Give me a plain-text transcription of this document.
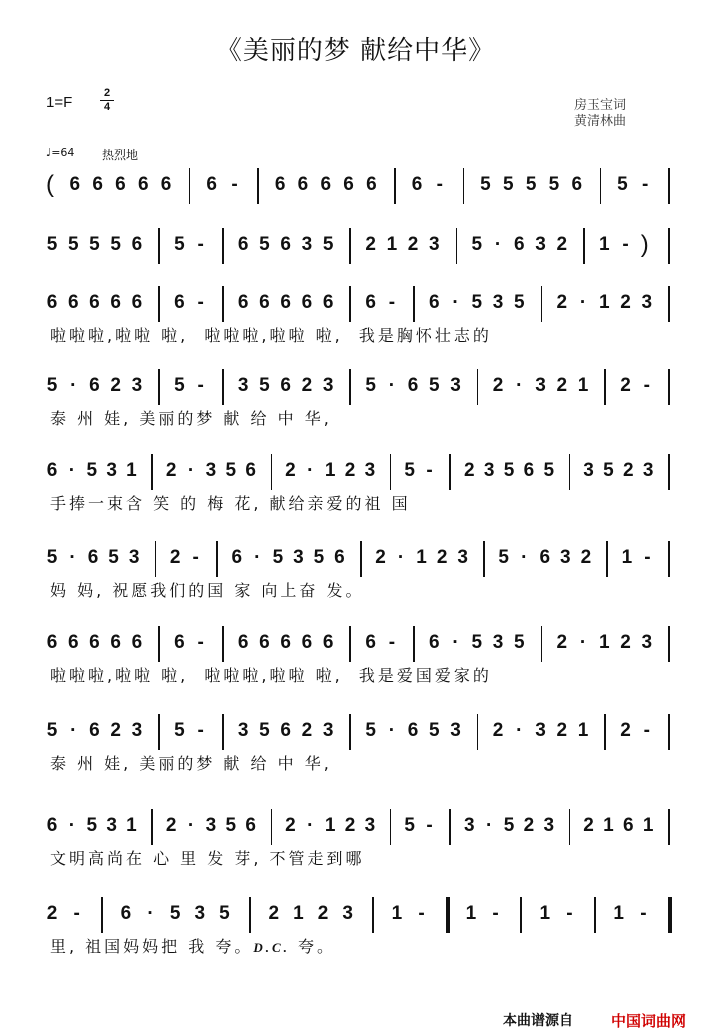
《美丽的梦 献给中华》
1=F
2
4	房玉宝词
黄清林曲
♩=64 热烈地
( 6 6 6 6 6 6 - 6 6 6 6 6 6 - 5 5 5 5 6 5 -
5 5 5 5 6 5 - 6 5 6 3 5 2 1 2 3 5 · 6 3 2 1 - )
6 6 6 6 6 6 - 6 6 6 6 6 6 - 6 · 5 3 5 2 · 1 2 3
啦啦啦,啦啦 啦,  啦啦啦,啦啦 啦,  我是胸怀壮志的
5 · 6 2 3 5 - 3 5 6 2 3 5 · 6 5 3 2 · 3 2 1 2 -
泰 州 娃, 美丽的梦 献 给 中 华,
6 · 5 3 1 2 · 3 5 6 2 · 1 2 3 5 - 2 3 5 6 5 3 5 2 3
手捧一束含 笑 的 梅 花, 献给亲爱的祖 国
5 · 6 5 3 2 - 6 · 5 3 5 6 2 · 1 2 3 5 · 6 3 2 1 -
妈 妈, 祝愿我们的国 家 向上奋 发。
6 6 6 6 6 6 - 6 6 6 6 6 6 - 6 · 5 3 5 2 · 1 2 3
啦啦啦,啦啦 啦,  啦啦啦,啦啦 啦,  我是爱国爱家的
5 · 6 2 3 5 - 3 5 6 2 3 5 · 6 5 3 2 · 3 2 1 2 -
泰 州 娃, 美丽的梦 献 给 中 华,
6 · 5 3 1 2 · 3 5 6 2 · 1 2 3 5 - 3 · 5 2 3 2 1 6 1
文明高尚在 心 里 发 芽, 不管走到哪
2 - 6 · 5 3 5 2 1 2 3 1 - 1 - 1 - 1 -
里, 祖国妈妈把 我 夸。D.C. 夸。
本曲谱源自	中国词曲网
